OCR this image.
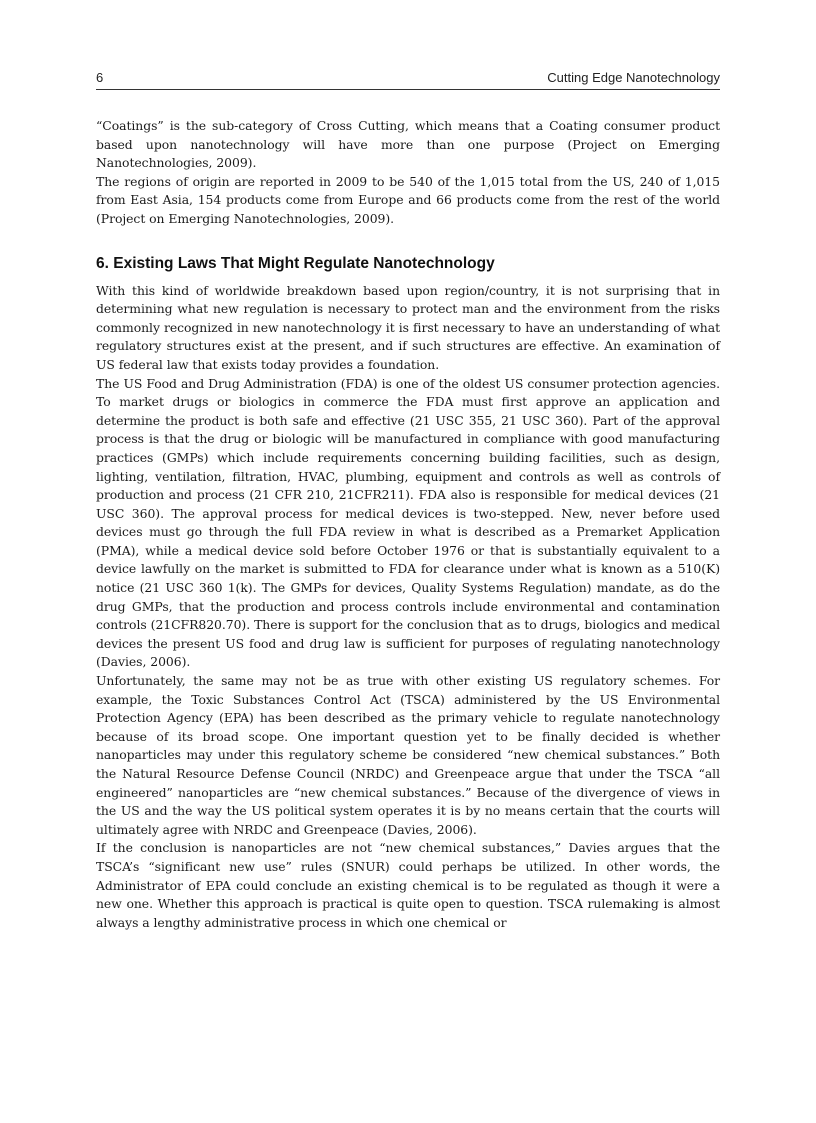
6	Cutting Edge Nanotechnology

“Coatings” is the sub-category of Cross Cutting, which means that a Coating consumer product based upon nanotechnology will have more than one purpose (Project on Emerging Nanotechnologies, 2009).

The regions of origin are reported in 2009 to be 540 of the 1,015 total from the US, 240 of 1,015 from East Asia, 154 products come from Europe and 66 products come from the rest of the world (Project on Emerging Nanotechnologies, 2009).

6. Existing Laws That Might Regulate Nanotechnology

With this kind of worldwide breakdown based upon region/country, it is not surprising that in determining what new regulation is necessary to protect man and the environment from the risks commonly recognized in new nanotechnology it is first necessary to have an understanding of what regulatory structures exist at the present, and if such structures are effective. An examination of US federal law that exists today provides a foundation.

The US Food and Drug Administration (FDA) is one of the oldest US consumer protection agencies. To market drugs or biologics in commerce the FDA must first approve an application and determine the product is both safe and effective (21 USC 355, 21 USC 360). Part of the approval process is that the drug or biologic will be manufactured in compliance with good manufacturing practices (GMPs) which include requirements concerning building facilities, such as design, lighting, ventilation, filtration, HVAC, plumbing, equipment and controls as well as controls of production and process (21 CFR 210, 21CFR211). FDA also is responsible for medical devices (21 USC 360). The approval process for medical devices is two-stepped. New, never before used devices must go through the full FDA review in what is described as a Premarket Application (PMA), while a medical device sold before October 1976 or that is substantially equivalent to a device lawfully on the market is submitted to FDA for clearance under what is known as a 510(K) notice (21 USC 360 1(k). The GMPs for devices, Quality Systems Regulation) mandate, as do the drug GMPs, that the production and process controls include environmental and contamination controls (21CFR820.70). There is support for the conclusion that as to drugs, biologics and medical devices the present US food and drug law is sufficient for purposes of regulating nanotechnology (Davies, 2006).

Unfortunately, the same may not be as true with other existing US regulatory schemes. For example, the Toxic Substances Control Act (TSCA) administered by the US Environmental Protection Agency (EPA) has been described as the primary vehicle to regulate nanotechnology because of its broad scope. One important question yet to be finally decided is whether nanoparticles may under this regulatory scheme be considered “new chemical substances.” Both the Natural Resource Defense Council (NRDC) and Greenpeace argue that under the TSCA “all engineered” nanoparticles are “new chemical substances.” Because of the divergence of views in the US and the way the US political system operates it is by no means certain that the courts will ultimately agree with NRDC and Greenpeace (Davies, 2006).

If the conclusion is nanoparticles are not “new chemical substances,” Davies argues that the TSCA’s “significant new use” rules (SNUR) could perhaps be utilized. In other words, the Administrator of EPA could conclude an existing chemical is to be regulated as though it were a new one. Whether this approach is practical is quite open to question. TSCA rulemaking is almost always a lengthy administrative process in which one chemical or
